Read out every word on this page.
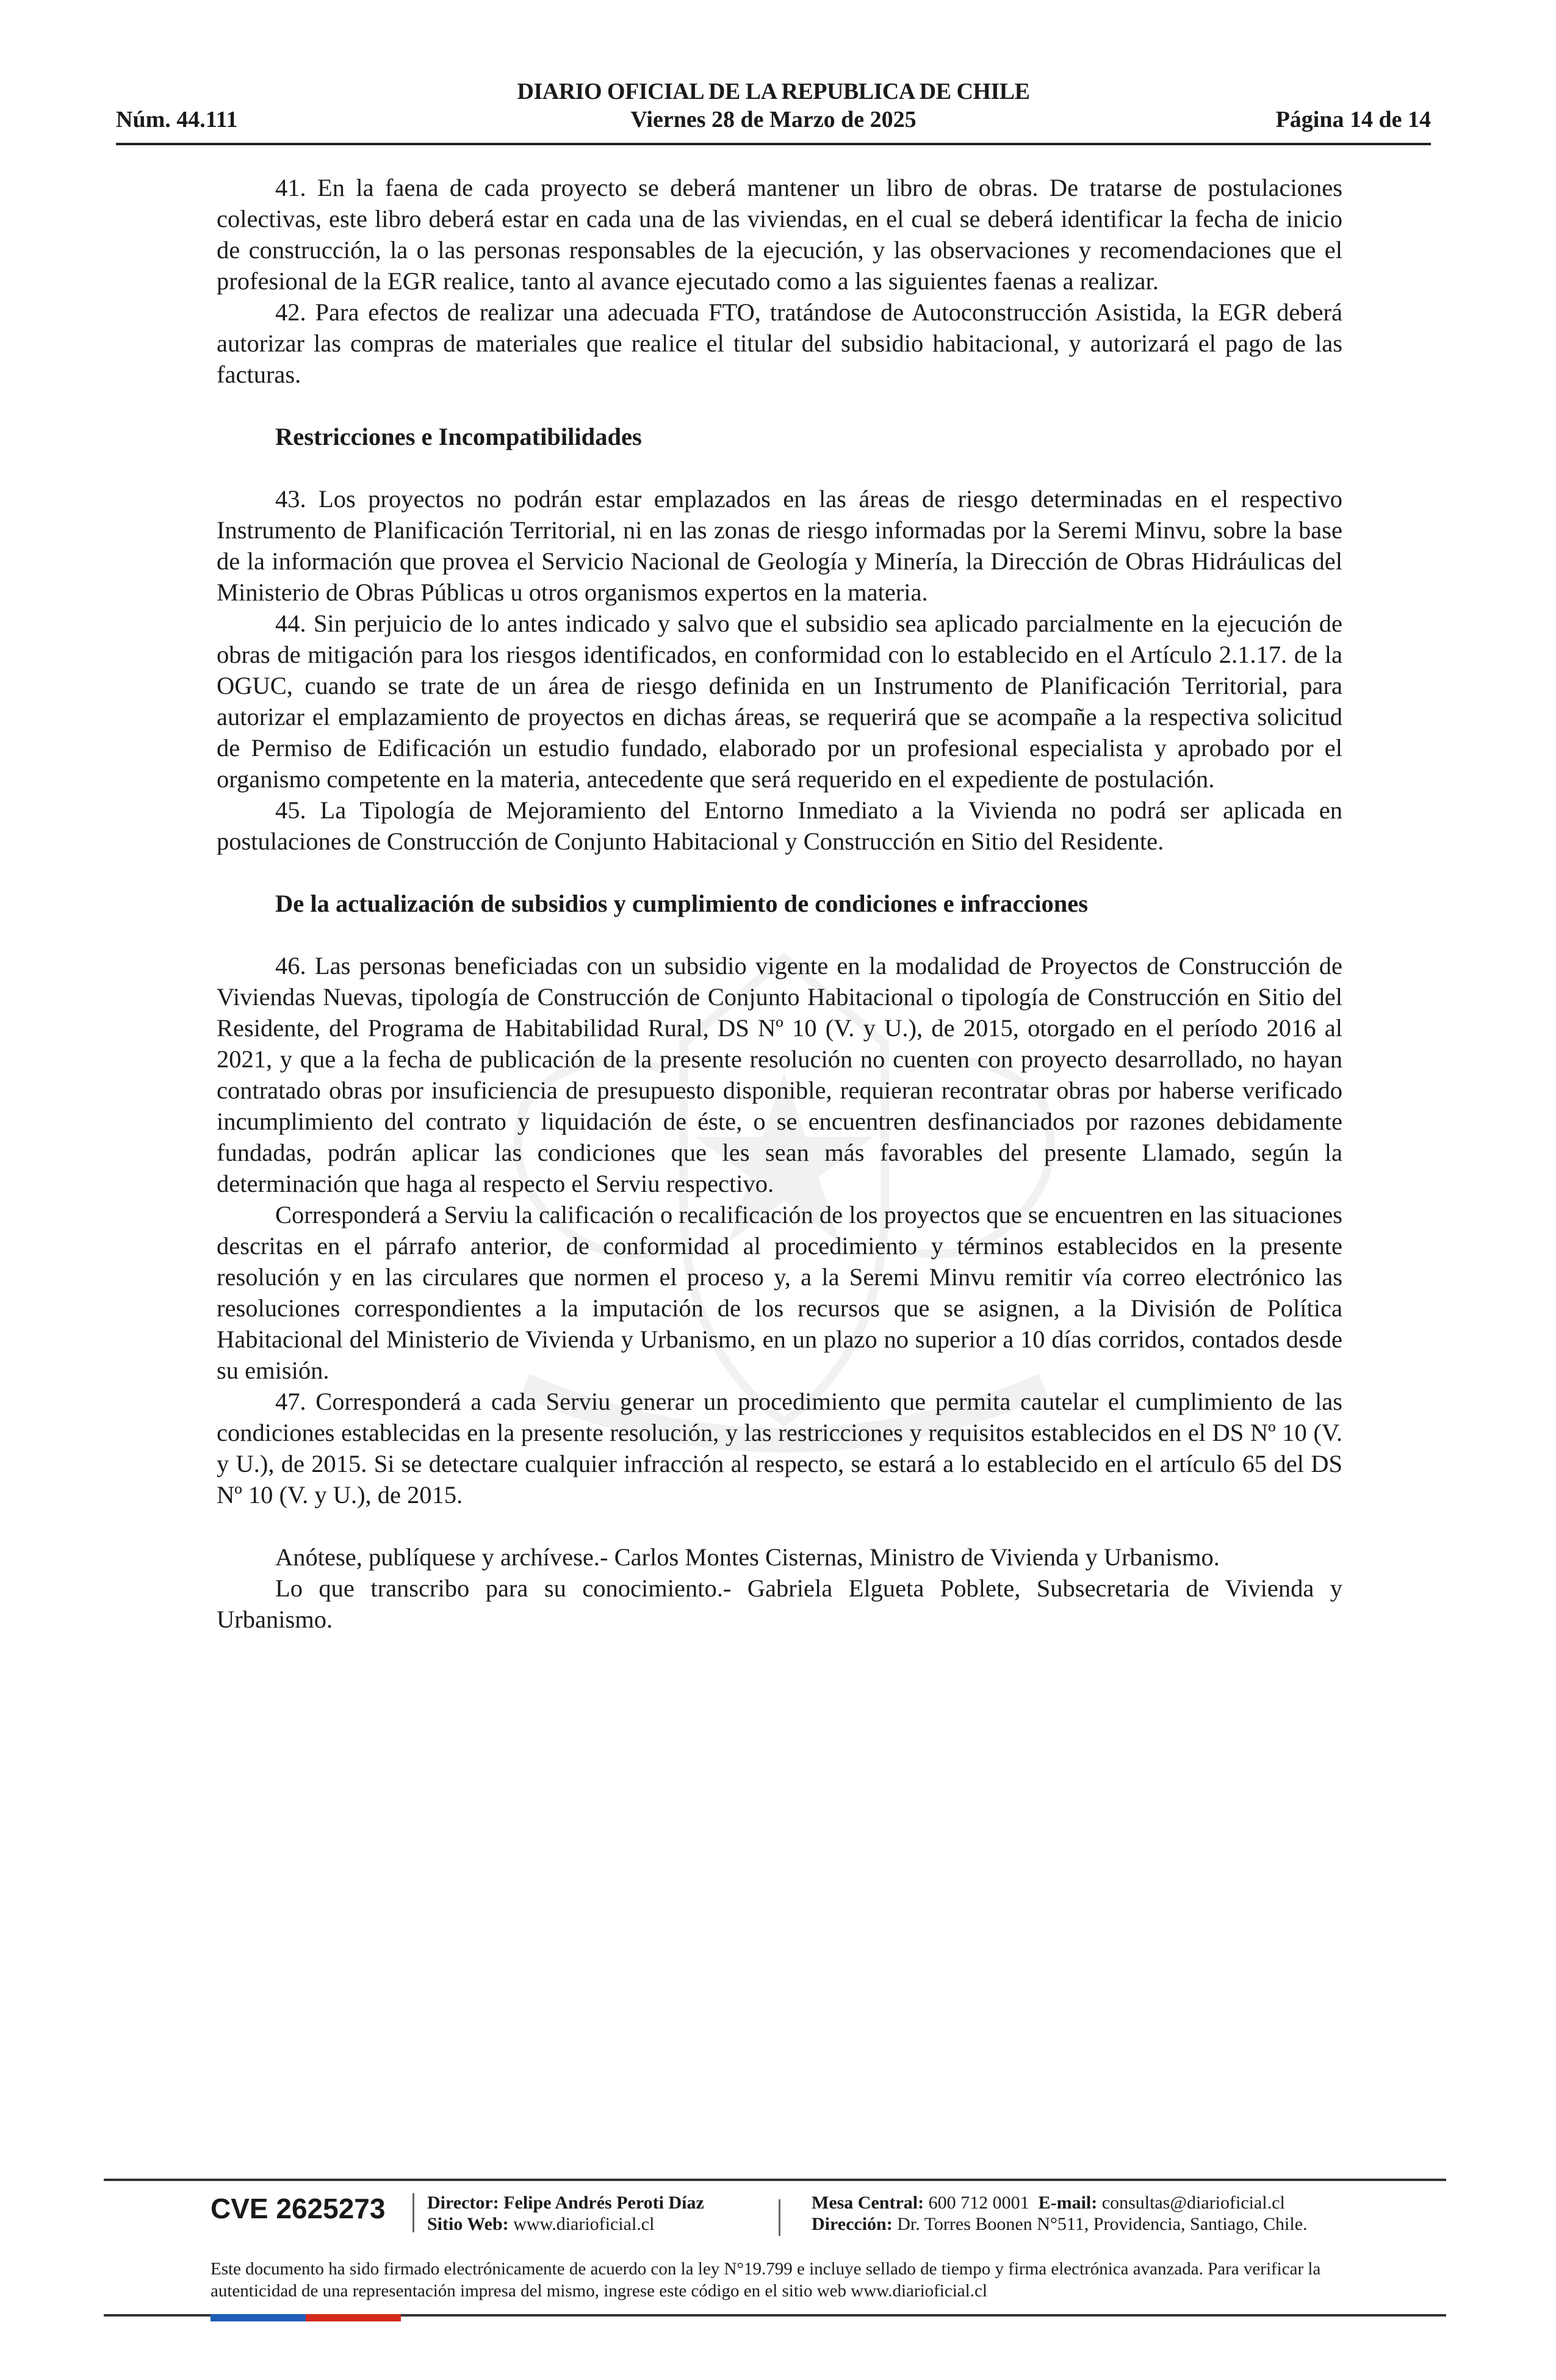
Núm. 44.111
DIARIO OFICIAL DE LA REPUBLICA DE CHILE
Viernes 28 de Marzo de 2025	Página 14 de 14

41. En la faena de cada proyecto se deberá mantener un libro de obras. De tratarse de postulaciones colectivas, este libro deberá estar en cada una de las viviendas, en el cual se deberá identificar la fecha de inicio de construcción, la o las personas responsables de la ejecución, y las observaciones y recomendaciones que el profesional de la EGR realice, tanto al avance ejecutado como a las siguientes faenas a realizar.

42. Para efectos de realizar una adecuada FTO, tratándose de Autoconstrucción Asistida, la EGR deberá autorizar las compras de materiales que realice el titular del subsidio habitacional, y autorizará el pago de las facturas.

Restricciones e Incompatibilidades

43. Los proyectos no podrán estar emplazados en las áreas de riesgo determinadas en el respectivo Instrumento de Planificación Territorial, ni en las zonas de riesgo informadas por la Seremi Minvu, sobre la base de la información que provea el Servicio Nacional de Geología y Minería, la Dirección de Obras Hidráulicas del Ministerio de Obras Públicas u otros organismos expertos en la materia.

44. Sin perjuicio de lo antes indicado y salvo que el subsidio sea aplicado parcialmente en la ejecución de obras de mitigación para los riesgos identificados, en conformidad con lo establecido en el Artículo 2.1.17. de la OGUC, cuando se trate de un área de riesgo definida en un Instrumento de Planificación Territorial, para autorizar el emplazamiento de proyectos en dichas áreas, se requerirá que se acompañe a la respectiva solicitud de Permiso de Edificación un estudio fundado, elaborado por un profesional especialista y aprobado por el organismo competente en la materia, antecedente que será requerido en el expediente de postulación.

45. La Tipología de Mejoramiento del Entorno Inmediato a la Vivienda no podrá ser aplicada en postulaciones de Construcción de Conjunto Habitacional y Construcción en Sitio del Residente.

De la actualización de subsidios y cumplimiento de condiciones e infracciones

46. Las personas beneficiadas con un subsidio vigente en la modalidad de Proyectos de Construcción de Viviendas Nuevas, tipología de Construcción de Conjunto Habitacional o tipología de Construcción en Sitio del Residente, del Programa de Habitabilidad Rural, DS Nº 10 (V. y U.), de 2015, otorgado en el período 2016 al 2021, y que a la fecha de publicación de la presente resolución no cuenten con proyecto desarrollado, no hayan contratado obras por insuficiencia de presupuesto disponible, requieran recontratar obras por haberse verificado incumplimiento del contrato y liquidación de éste, o se encuentren desfinanciados por razones debidamente fundadas, podrán aplicar las condiciones que les sean más favorables del presente Llamado, según la determinación que haga al respecto el Serviu respectivo.

Corresponderá a Serviu la calificación o recalificación de los proyectos que se encuentren en las situaciones descritas en el párrafo anterior, de conformidad al procedimiento y términos establecidos en la presente resolución y en las circulares que normen el proceso y, a la Seremi Minvu remitir vía correo electrónico las resoluciones correspondientes a la imputación de los recursos que se asignen, a la División de Política Habitacional del Ministerio de Vivienda y Urbanismo, en un plazo no superior a 10 días corridos, contados desde su emisión.

47. Corresponderá a cada Serviu generar un procedimiento que permita cautelar el cumplimiento de las condiciones establecidas en la presente resolución, y las restricciones y requisitos establecidos en el DS Nº 10 (V. y U.), de 2015. Si se detectare cualquier infracción al respecto, se estará a lo establecido en el artículo 65 del DS Nº 10 (V. y U.), de 2015.

Anótese, publíquese y archívese.- Carlos Montes Cisternas, Ministro de Vivienda y Urbanismo.

Lo que transcribo para su conocimiento.- Gabriela Elgueta Poblete, Subsecretaria de Vivienda y Urbanismo.

CVE 2625273 Director: Felipe Andrés Peroti Díaz
Sitio Web: www.diarioficial.cl
Mesa Central: 600 712 0001 E-mail: consultas@diarioficial.cl
Dirección: Dr. Torres Boonen N°511, Providencia, Santiago, Chile.
Este documento ha sido firmado electrónicamente de acuerdo con la ley N°19.799 e incluye sellado de tiempo y firma electrónica avanzada. Para verificar la autenticidad de una representación impresa del mismo, ingrese este código en el sitio web www.diarioficial.cl
